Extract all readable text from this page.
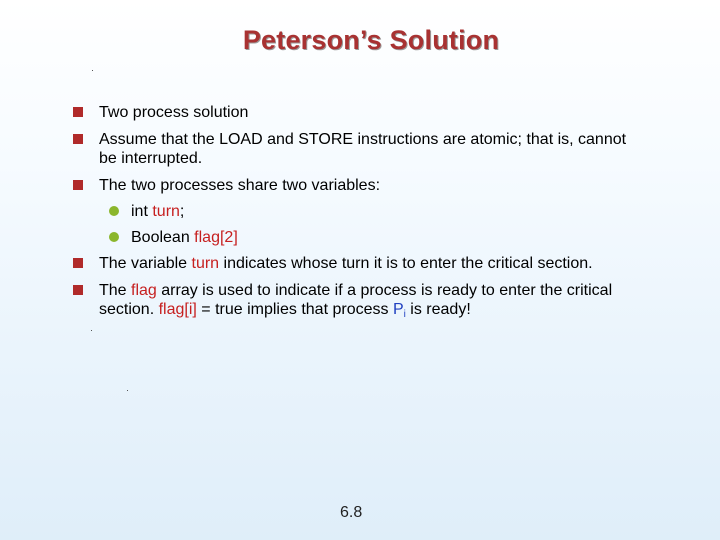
Peterson’s Solution
Two process solution
Assume that the LOAD and STORE instructions are atomic; that is, cannot be interrupted.
The two processes share two variables:
int turn;
Boolean flag[2]
The variable turn indicates whose turn it is to enter the critical section.
The flag array is used to indicate if a process is ready to enter the critical section. flag[i] = true implies that process $P_i$ is ready!
6.8
